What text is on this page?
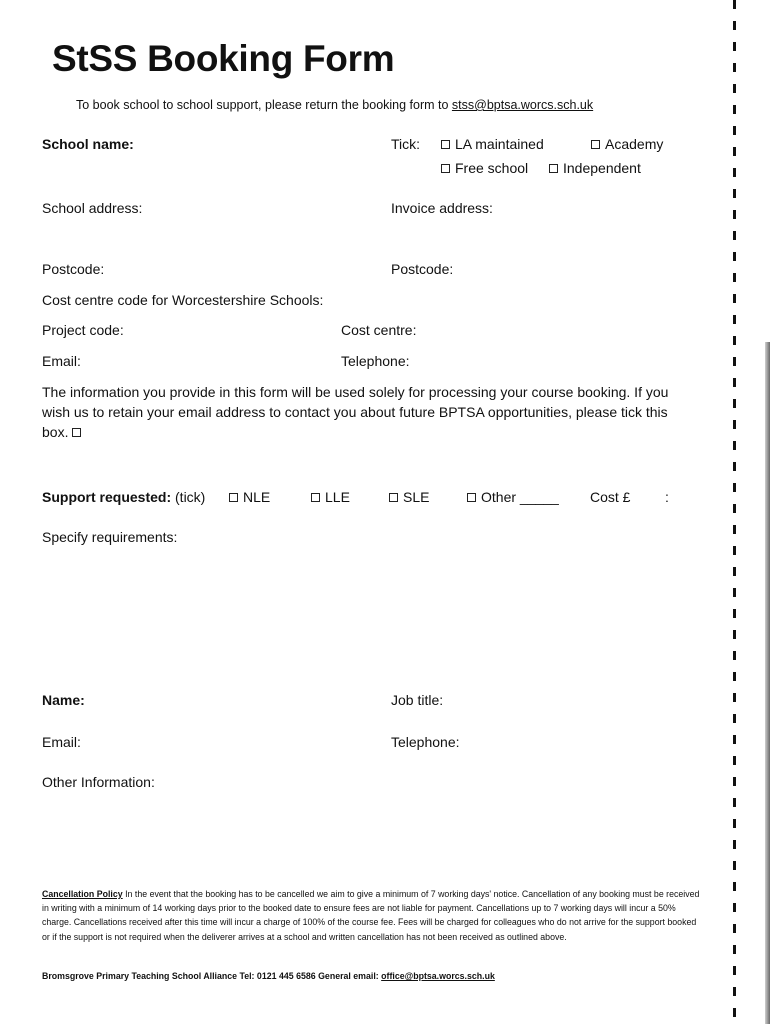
StSS Booking Form
To book school to school support, please return the booking form to stss@bptsa.worcs.sch.uk
School name:	Tick:	LA maintained	Academy
Free school	Independent
School address:	Invoice address:
Postcode:	Postcode:
Cost centre code for Worcestershire Schools:
Project code:	Cost centre:
Email:	Telephone:
The information you provide in this form will be used solely for processing your course booking. If you wish us to retain your email address to contact you about future BPTSA opportunities, please tick this box.
Support requested: (tick)	NLE	LLE	SLE	Other _____ Cost £ :
Specify requirements:
Name:	Job title:
Email:	Telephone:
Other Information:
Cancellation Policy In the event that the booking has to be cancelled we aim to give a minimum of 7 working days' notice. Cancellation of any booking must be received in writing with a minimum of 14 working days prior to the booked date to ensure fees are not liable for payment. Cancellations up to 7 working days will incur a 50% charge. Cancellations received after this time will incur a charge of 100% of the course fee. Fees will be charged for colleagues who do not arrive for the support booked or if the support is not required when the deliverer arrives at a school and written cancellation has not been received as outlined above.
Bromsgrove Primary Teaching School Alliance Tel: 0121 445 6586 General email: office@bptsa.worcs.sch.uk
